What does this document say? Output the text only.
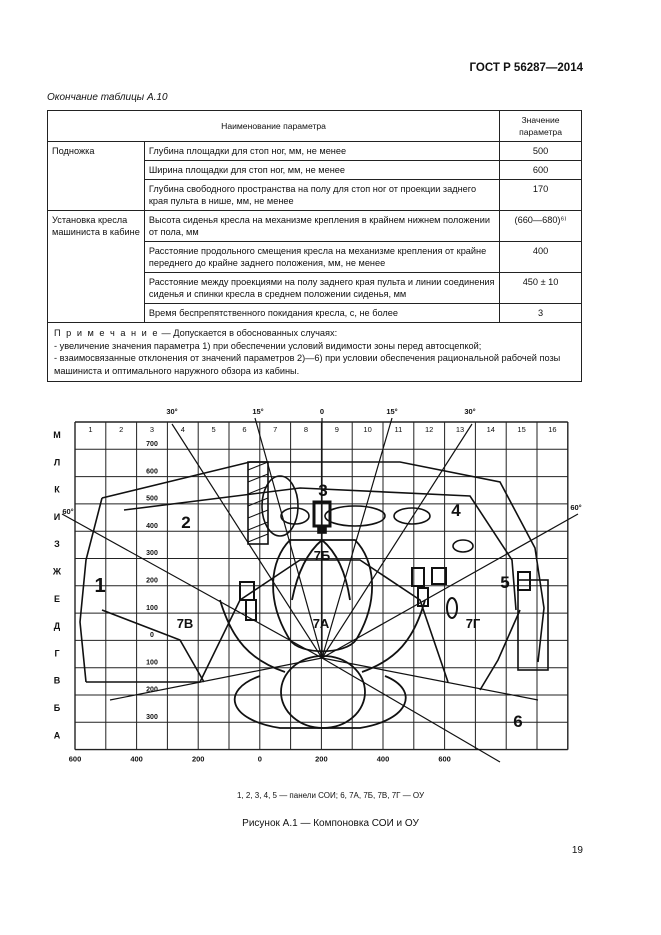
ГОСТ Р 56287—2014
Окончание таблицы А.10
Наименование параметра		Значение параметра
Подножка	Глубина площадки для стоп ног, мм, не менее	500
	Ширина площадки для стоп ног, мм, не менее	600
	Глубина свободного пространства на полу для стоп ног от проекции заднего края пульта в нише, мм, не менее	170
Установка кресла машиниста в кабине	Высота сиденья кресла на механизме крепления в крайнем нижнем положении от пола, мм	(660—680)⁶⁾
	Расстояние продольного смещения кресла на механизме крепления от крайне переднего до крайне заднего положения, мм, не менее	400
	Расстояние между проекциями на полу заднего края пульта и линии соединения сиденья и спинки кресла в среднем положении сиденья, мм	450 ± 10
	Время беспрепятственного покидания кресла, с, не более	3
П р и м е ч а н и е — Допускается в обоснованных случаях:
- увеличение значения параметра 1) при обеспечении условий видимости зоны перед автосцепкой;
- взаимосвязанные отклонения от значений параметров 2)—6) при условии обеспечения рациональной рабочей позы машиниста и оптимального наружного обзора из кабины.		
1	2	3	4	5	6	7	8	9	10	11	12	13	14	15	16
М
Л
К
И
З
Ж
Е
Д
Г
В
Б
А
700
600
500
400
300
200
100
0
100
200
300
600	400	200	0	200	400	600
30°	15°	0	15°	30°
60°	60°
1
2
3
4
5
6
7А
7Б
7В	7Г
1, 2, 3, 4, 5 — панели СОИ; 6, 7А, 7Б, 7В, 7Г — ОУ
Рисунок А.1 — Компоновка СОИ и ОУ
19
